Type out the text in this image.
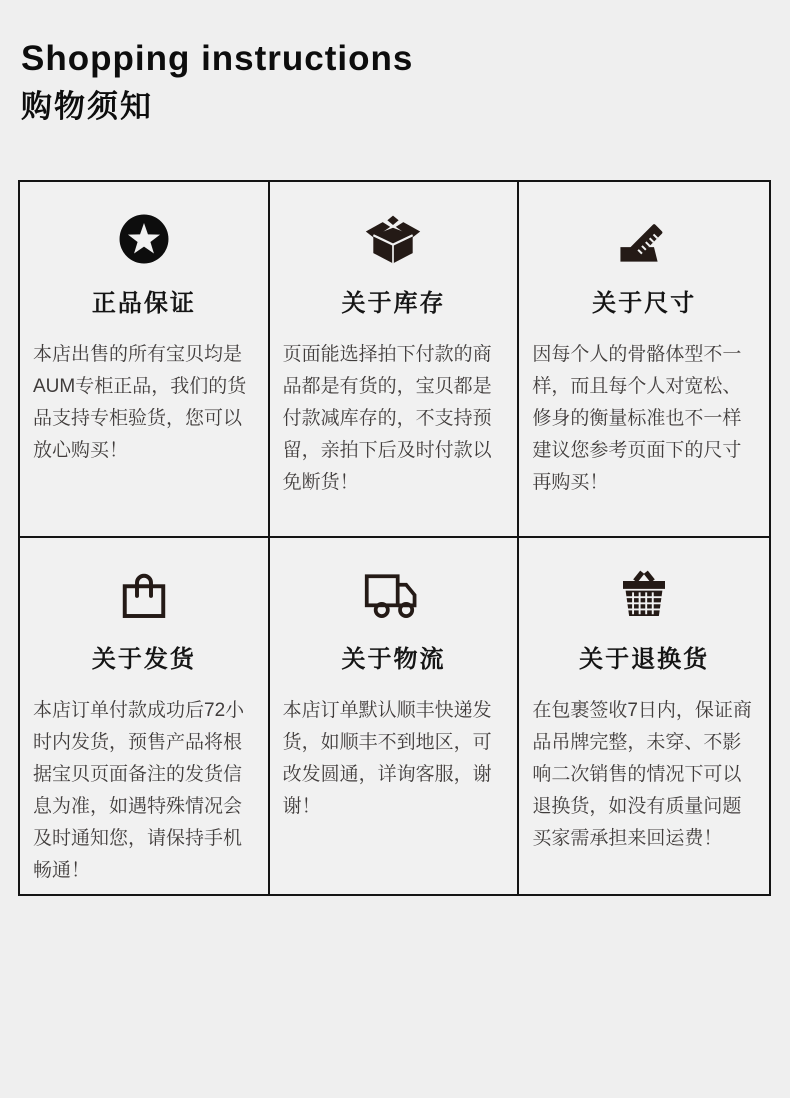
Shopping instructions
购物须知
正品保证

本店出售的所有宝贝均是AUM专柜正品，我们的货品支持专柜验货，您可以放心购买！

关于库存

页面能选择拍下付款的商品都是有货的，宝贝都是付款减库存的，不支持预留，亲拍下后及时付款以免断货！

关于尺寸

因每个人的骨骼体型不一样，而且每个人对宽松、修身的衡量标准也不一样建议您参考页面下的尺寸再购买！

关于发货

本店订单付款成功后72小时内发货，预售产品将根据宝贝页面备注的发货信息为准，如遇特殊情况会及时通知您，请保持手机畅通！

关于物流

本店订单默认顺丰快递发货，如顺丰不到地区，可改发圆通，详询客服，谢谢！

关于退换货

在包裹签收7日内，保证商品吊牌完整，未穿、不影响二次销售的情况下可以退换货，如没有质量问题买家需承担来回运费！
